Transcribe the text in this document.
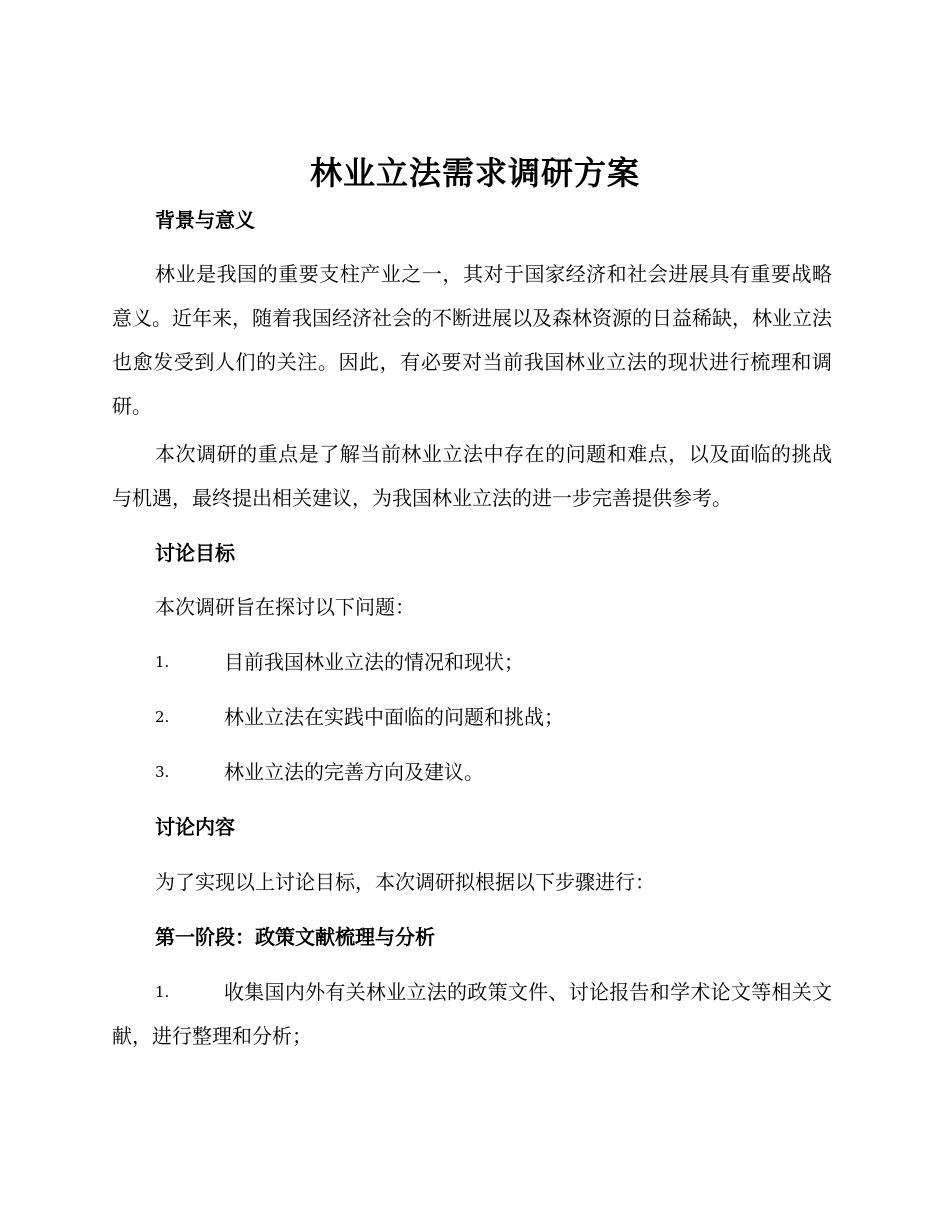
林业立法需求调研方案
背景与意义
林业是我国的重要支柱产业之一，其对于国家经济和社会进展具有重要战略意义。近年来，随着我国经济社会的不断进展以及森林资源的日益稀缺，林业立法也愈发受到人们的关注。因此，有必要对当前我国林业立法的现状进行梳理和调研。
本次调研的重点是了解当前林业立法中存在的问题和难点，以及面临的挑战与机遇，最终提出相关建议，为我国林业立法的进一步完善提供参考。
讨论目标
本次调研旨在探讨以下问题：
1.	目前我国林业立法的情况和现状；
2.	林业立法在实践中面临的问题和挑战；
3.	林业立法的完善方向及建议。
讨论内容
为了实现以上讨论目标，本次调研拟根据以下步骤进行：
第一阶段：政策文献梳理与分析
1.	收集国内外有关林业立法的政策文件、讨论报告和学术论文等相关文献，进行整理和分析；
